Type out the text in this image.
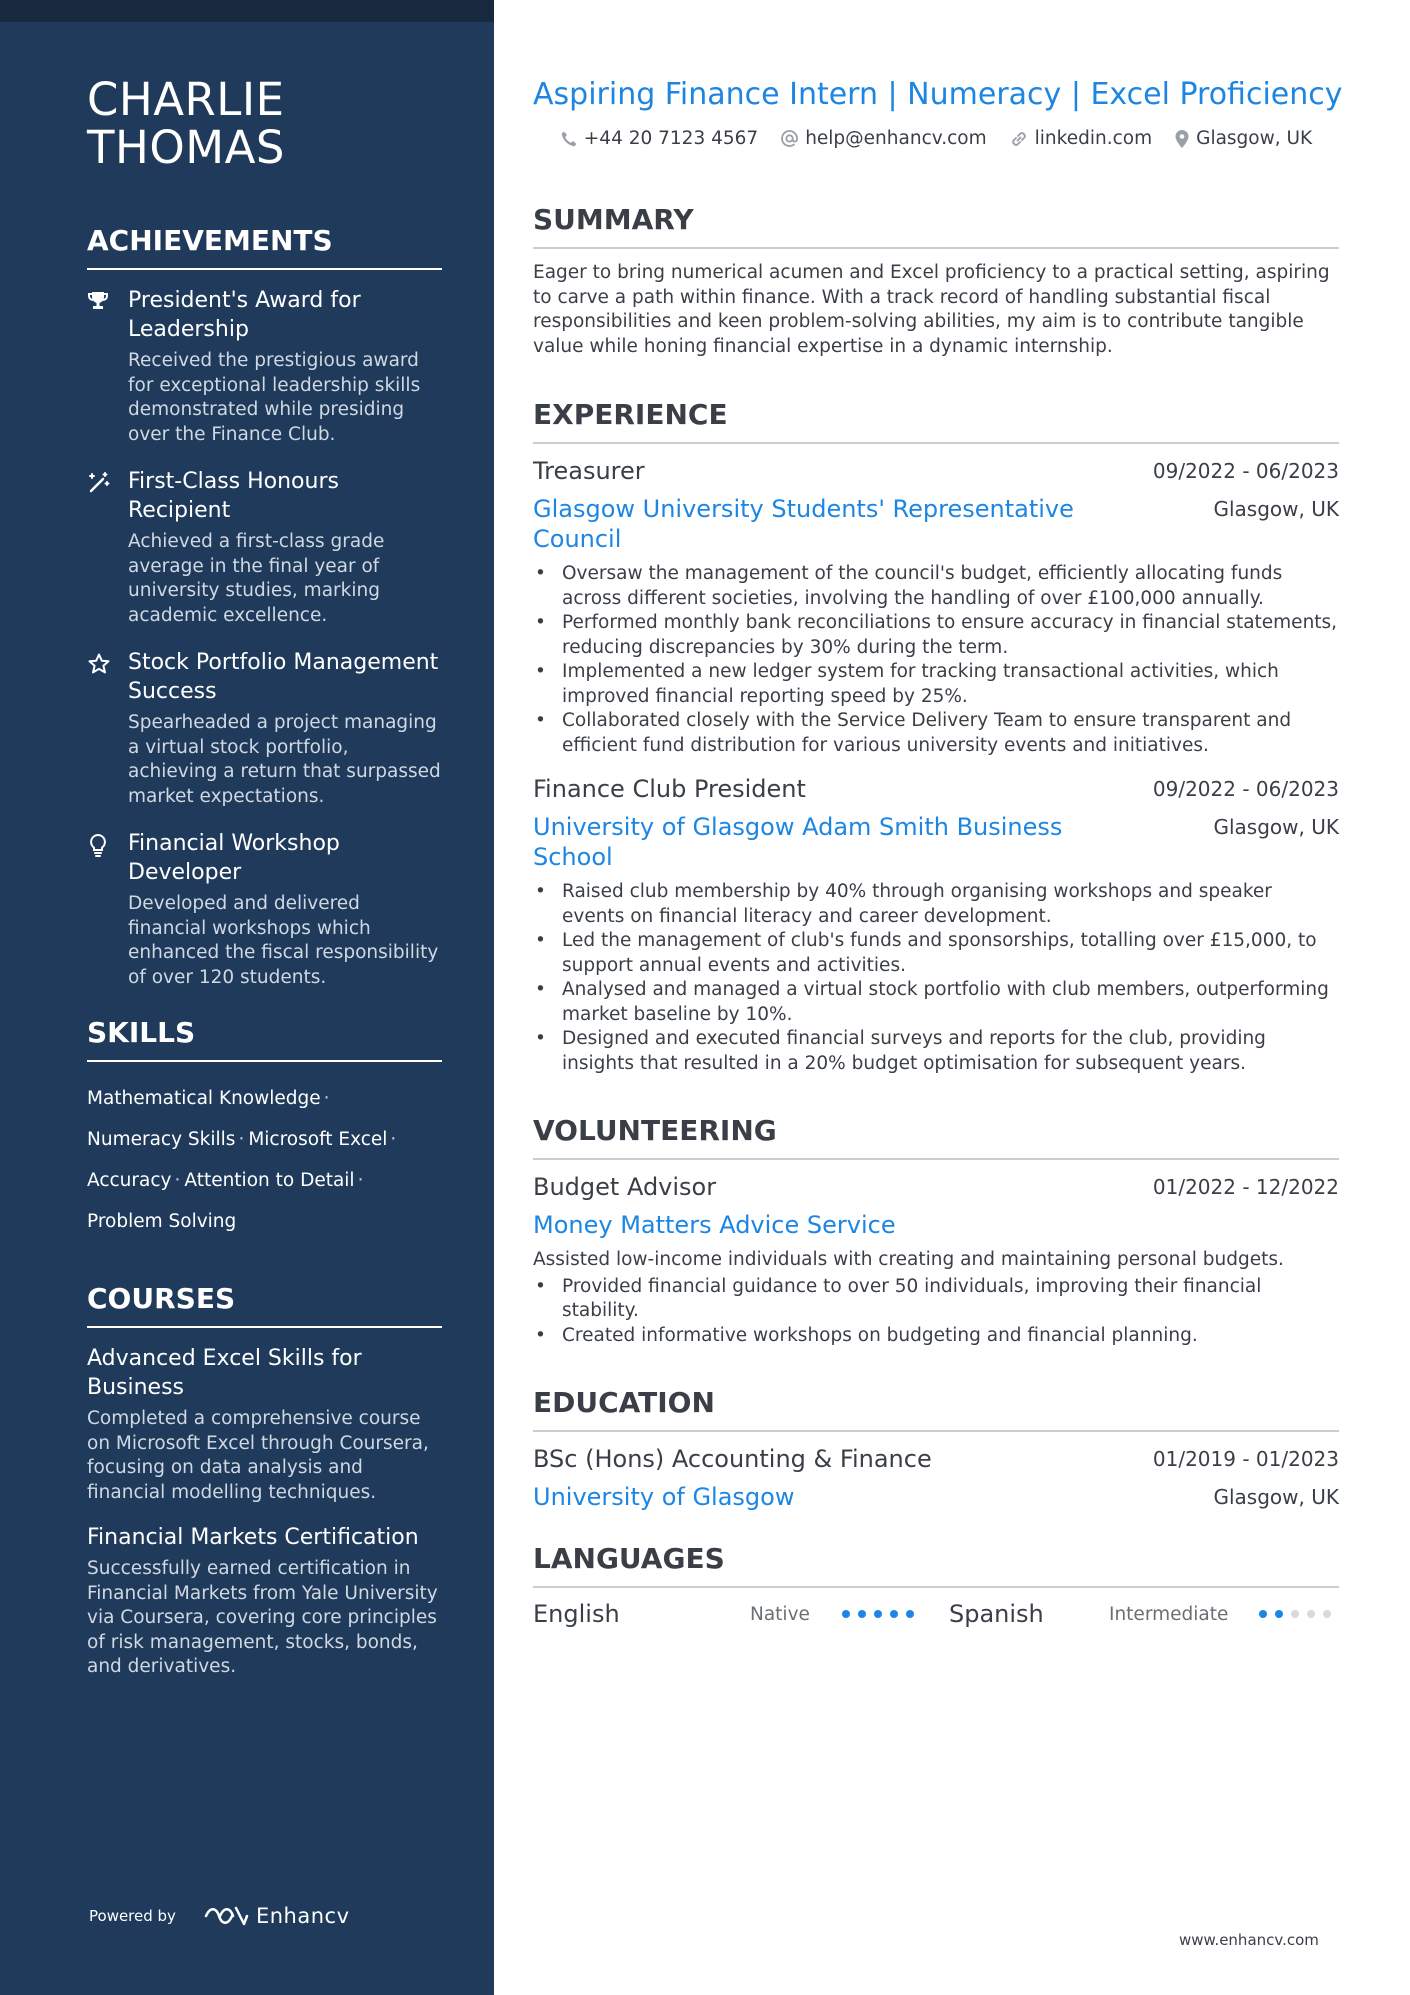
CHARLIE
THOMAS
ACHIEVEMENTS
President's Award for Leadership
Received the prestigious award for exceptional leadership skills demonstrated while presiding over the Finance Club.
First-Class Honours Recipient
Achieved a first-class grade average in the final year of university studies, marking academic excellence.
Stock Portfolio Management Success
Spearheaded a project managing a virtual stock portfolio, achieving a return that surpassed market expectations.
Financial Workshop Developer
Developed and delivered financial workshops which enhanced the fiscal responsibility of over 120 students.
SKILLS
Mathematical Knowledge ·
Numeracy Skills · Microsoft Excel ·
Accuracy · Attention to Detail ·
Problem Solving
COURSES
Advanced Excel Skills for Business
Completed a comprehensive course on Microsoft Excel through Coursera, focusing on data analysis and financial modelling techniques.
Financial Markets Certification
Successfully earned certification in Financial Markets from Yale University via Coursera, covering core principles of risk management, stocks, bonds, and derivatives.
Powered by	Enhancv
Aspiring Finance Intern | Numeracy | Excel Proficiency
+44 20 7123 4567	help@enhancv.com	linkedin.com Glasgow, UK
SUMMARY

Eager to bring numerical acumen and Excel proficiency to a practical setting, aspiring to carve a path within finance. With a track record of handling substantial fiscal responsibilities and keen problem-solving abilities, my aim is to contribute tangible value while honing financial expertise in a dynamic internship.

EXPERIENCE
Treasurer	09/2022 - 06/2023
Glasgow University Students' Representative Council
Glasgow, UK
• Oversaw the management of the council's budget, efficiently allocating funds across different societies, involving the handling of over £100,000 annually.
• Performed monthly bank reconciliations to ensure accuracy in financial statements, reducing discrepancies by 30% during the term.
• Implemented a new ledger system for tracking transactional activities, which improved financial reporting speed by 25%.
• Collaborated closely with the Service Delivery Team to ensure transparent and efficient fund distribution for various university events and initiatives.
Finance Club President	09/2022 - 06/2023
University of Glasgow Adam Smith Business School
Glasgow, UK
• Raised club membership by 40% through organising workshops and speaker events on financial literacy and career development.
• Led the management of club's funds and sponsorships, totalling over £15,000, to support annual events and activities.
• Analysed and managed a virtual stock portfolio with club members, outperforming market baseline by 10%.
• Designed and executed financial surveys and reports for the club, providing insights that resulted in a 20% budget optimisation for subsequent years.
VOLUNTEERING
Budget Advisor	01/2022 - 12/2022
Money Matters Advice Service

Assisted low-income individuals with creating and maintaining personal budgets.

• Provided financial guidance to over 50 individuals, improving their financial stability.
• Created informative workshops on budgeting and financial planning.
EDUCATION
BSc (Hons) Accounting & Finance	01/2019 - 01/2023
University of Glasgow	Glasgow, UK
LANGUAGES
English	Native	Spanish	Intermediate
www.enhancv.com
